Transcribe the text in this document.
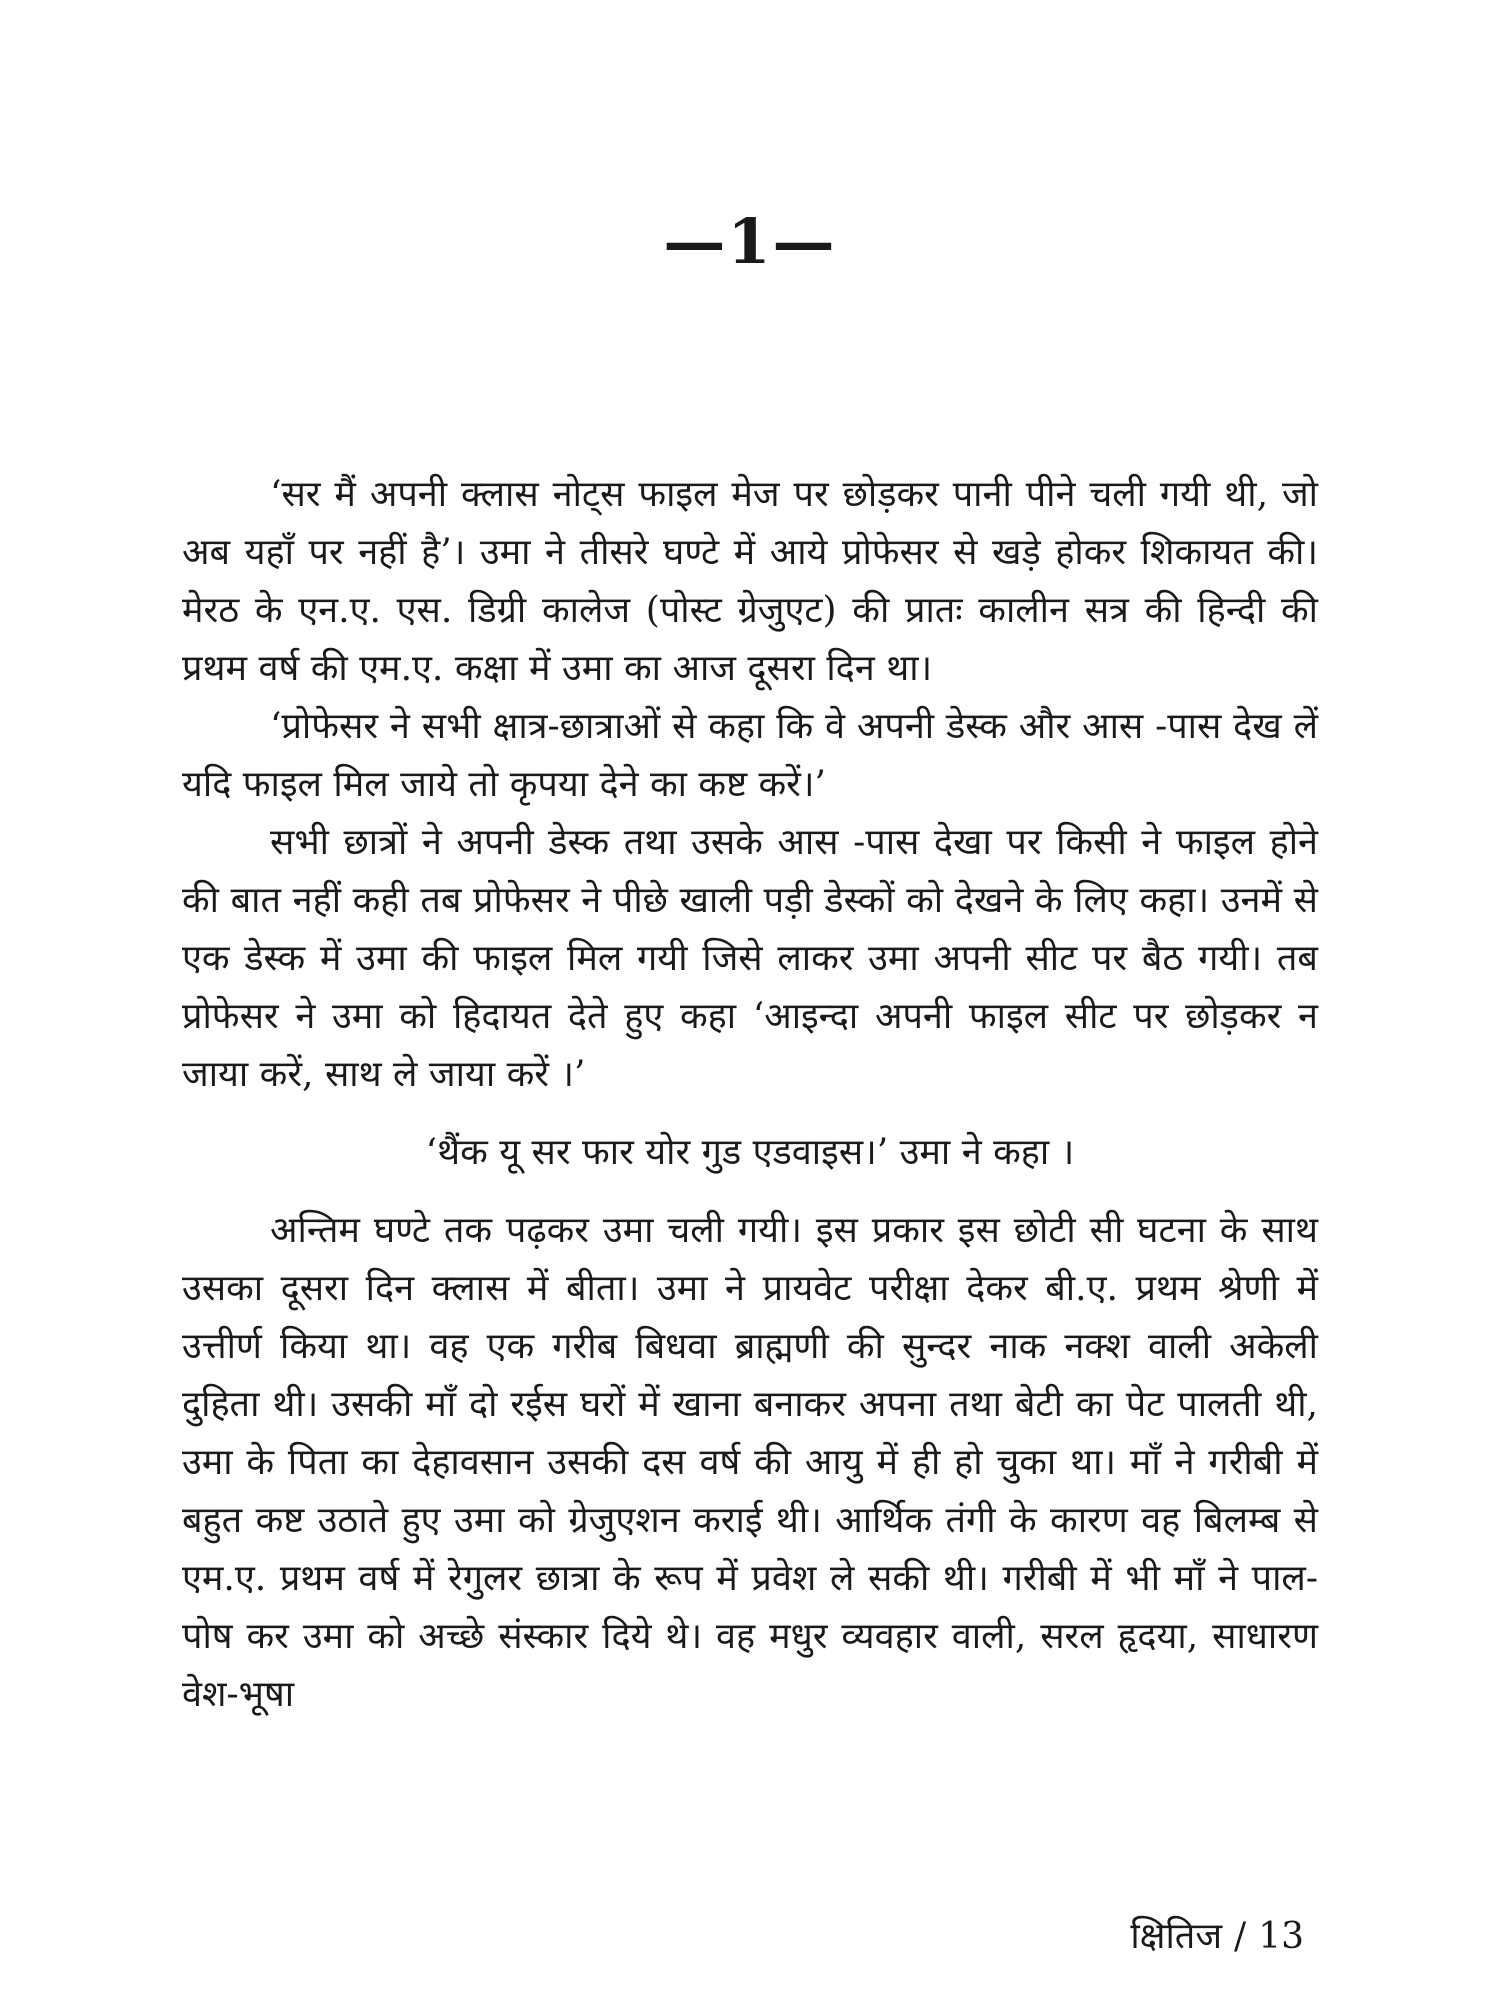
—1—

‘सर मैं अपनी क्लास नोट्स फाइल मेज पर छोड़कर पानी पीने चली गयी थी, जो अब यहाँ पर नहीं है’। उमा ने तीसरे घण्टे में आये प्रोफेसर से खड़े होकर शिकायत की। मेरठ के एन.ए. एस. डिग्री कालेज (पोस्ट ग्रेजुएट) की प्रातः कालीन सत्र की हिन्दी की प्रथम वर्ष की एम.ए. कक्षा में उमा का आज दूसरा दिन था।

‘प्रोफेसर ने सभी क्षात्र-छात्राओं से कहा कि वे अपनी डेस्क और आस -पास देख लें यदि फाइल मिल जाये तो कृपया देने का कष्ट करें।’

सभी छात्रों ने अपनी डेस्क तथा उसके आस -पास देखा पर किसी ने फाइल होने की बात नहीं कही तब प्रोफेसर ने पीछे खाली पड़ी डेस्कों को देखने के लिए कहा। उनमें से एक डेस्क में उमा की फाइल मिल गयी जिसे लाकर उमा अपनी सीट पर बैठ गयी। तब प्रोफेसर ने उमा को हिदायत देते हुए कहा ‘आइन्दा अपनी फाइल सीट पर छोड़कर न जाया करें, साथ ले जाया करें ।’

‘थैंक यू सर फार योर गुड एडवाइस।’ उमा ने कहा ।

अन्तिम घण्टे तक पढ़कर उमा चली गयी। इस प्रकार इस छोटी सी घटना के साथ उसका दूसरा दिन क्लास में बीता। उमा ने प्रायवेट परीक्षा देकर बी.ए. प्रथम श्रेणी में उत्तीर्ण किया था। वह एक गरीब बिधवा ब्राह्मणी की सुन्दर नाक नक्श वाली अकेली दुहिता थी। उसकी माँ दो रईस घरों में खाना बनाकर अपना तथा बेटी का पेट पालती थी, उमा के पिता का देहावसान उसकी दस वर्ष की आयु में ही हो चुका था। माँ ने गरीबी में बहुत कष्ट उठाते हुए उमा को ग्रेजुएशन कराई थी। आर्थिक तंगी के कारण वह बिलम्ब से एम.ए. प्रथम वर्ष में रेगुलर छात्रा के रूप में प्रवेश ले सकी थी। गरीबी में भी माँ ने पाल-पोष कर उमा को अच्छे संस्कार दिये थे। वह मधुर व्यवहार वाली, सरल हृदया, साधारण वेश-भूषा

क्षितिज / 13
